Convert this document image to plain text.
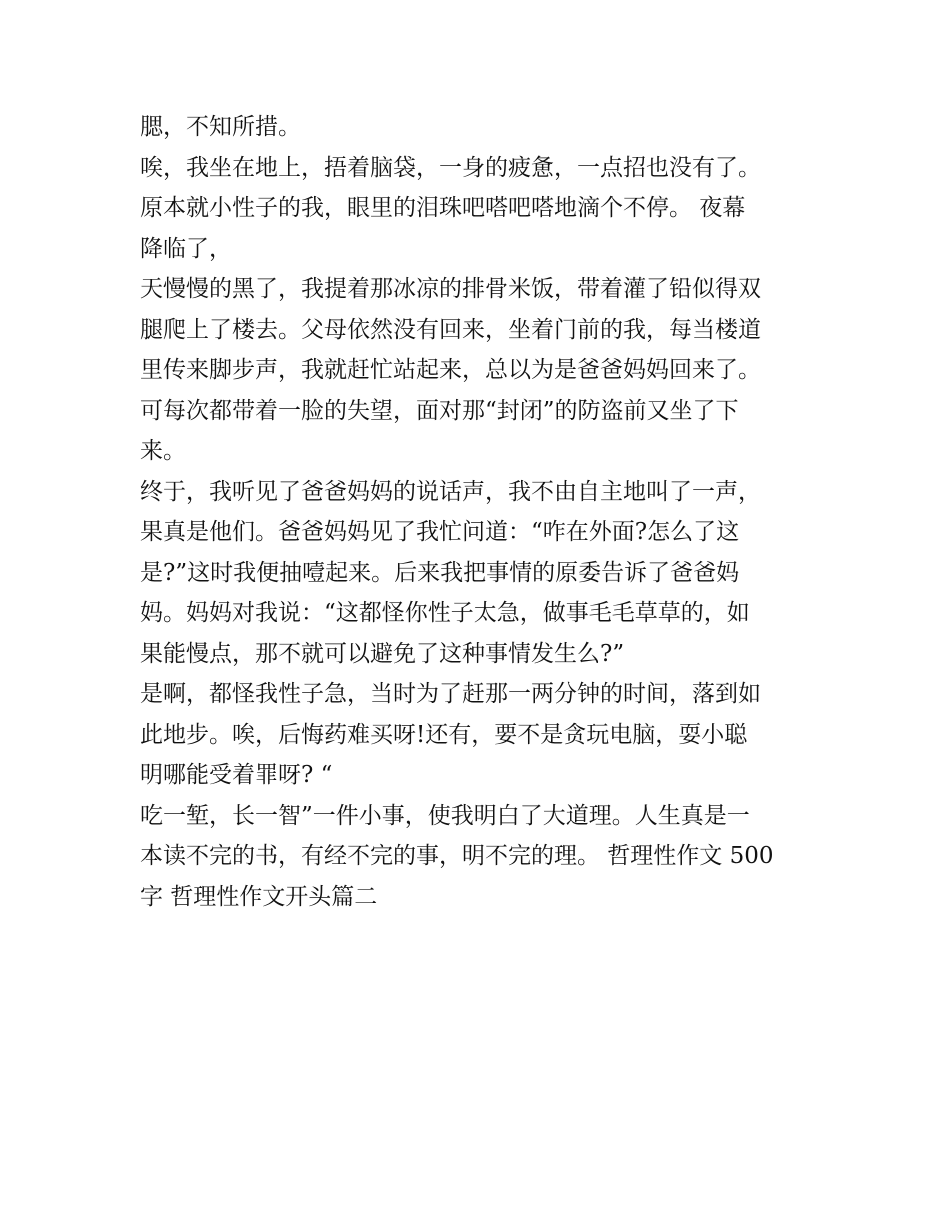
腮，不知所措。
唉，我坐在地上，捂着脑袋，一身的疲惫，一点招也没有了。
原本就小性子的我，眼里的泪珠吧嗒吧嗒地滴个不停。 夜幕
降临了，
天慢慢的黑了，我提着那冰凉的排骨米饭，带着灌了铅似得双
腿爬上了楼去。父母依然没有回来，坐着门前的我，每当楼道
里传来脚步声，我就赶忙站起来，总以为是爸爸妈妈回来了。
可每次都带着一脸的失望，面对那“封闭”的防盗前又坐了下
来。
终于，我听见了爸爸妈妈的说话声，我不由自主地叫了一声，
果真是他们。爸爸妈妈见了我忙问道：“咋在外面?怎么了这
是?”这时我便抽噎起来。后来我把事情的原委告诉了爸爸妈
妈。妈妈对我说：“这都怪你性子太急，做事毛毛草草的，如
果能慢点，那不就可以避免了这种事情发生么?”
是啊，都怪我性子急，当时为了赶那一两分钟的时间，落到如
此地步。唉，后悔药难买呀!还有，要不是贪玩电脑，耍小聪
明哪能受着罪呀? “
吃一堑，长一智”一件小事，使我明白了大道理。人生真是一
本读不完的书，有经不完的事，明不完的理。 哲理性作文 500
字 哲理性作文开头篇二
